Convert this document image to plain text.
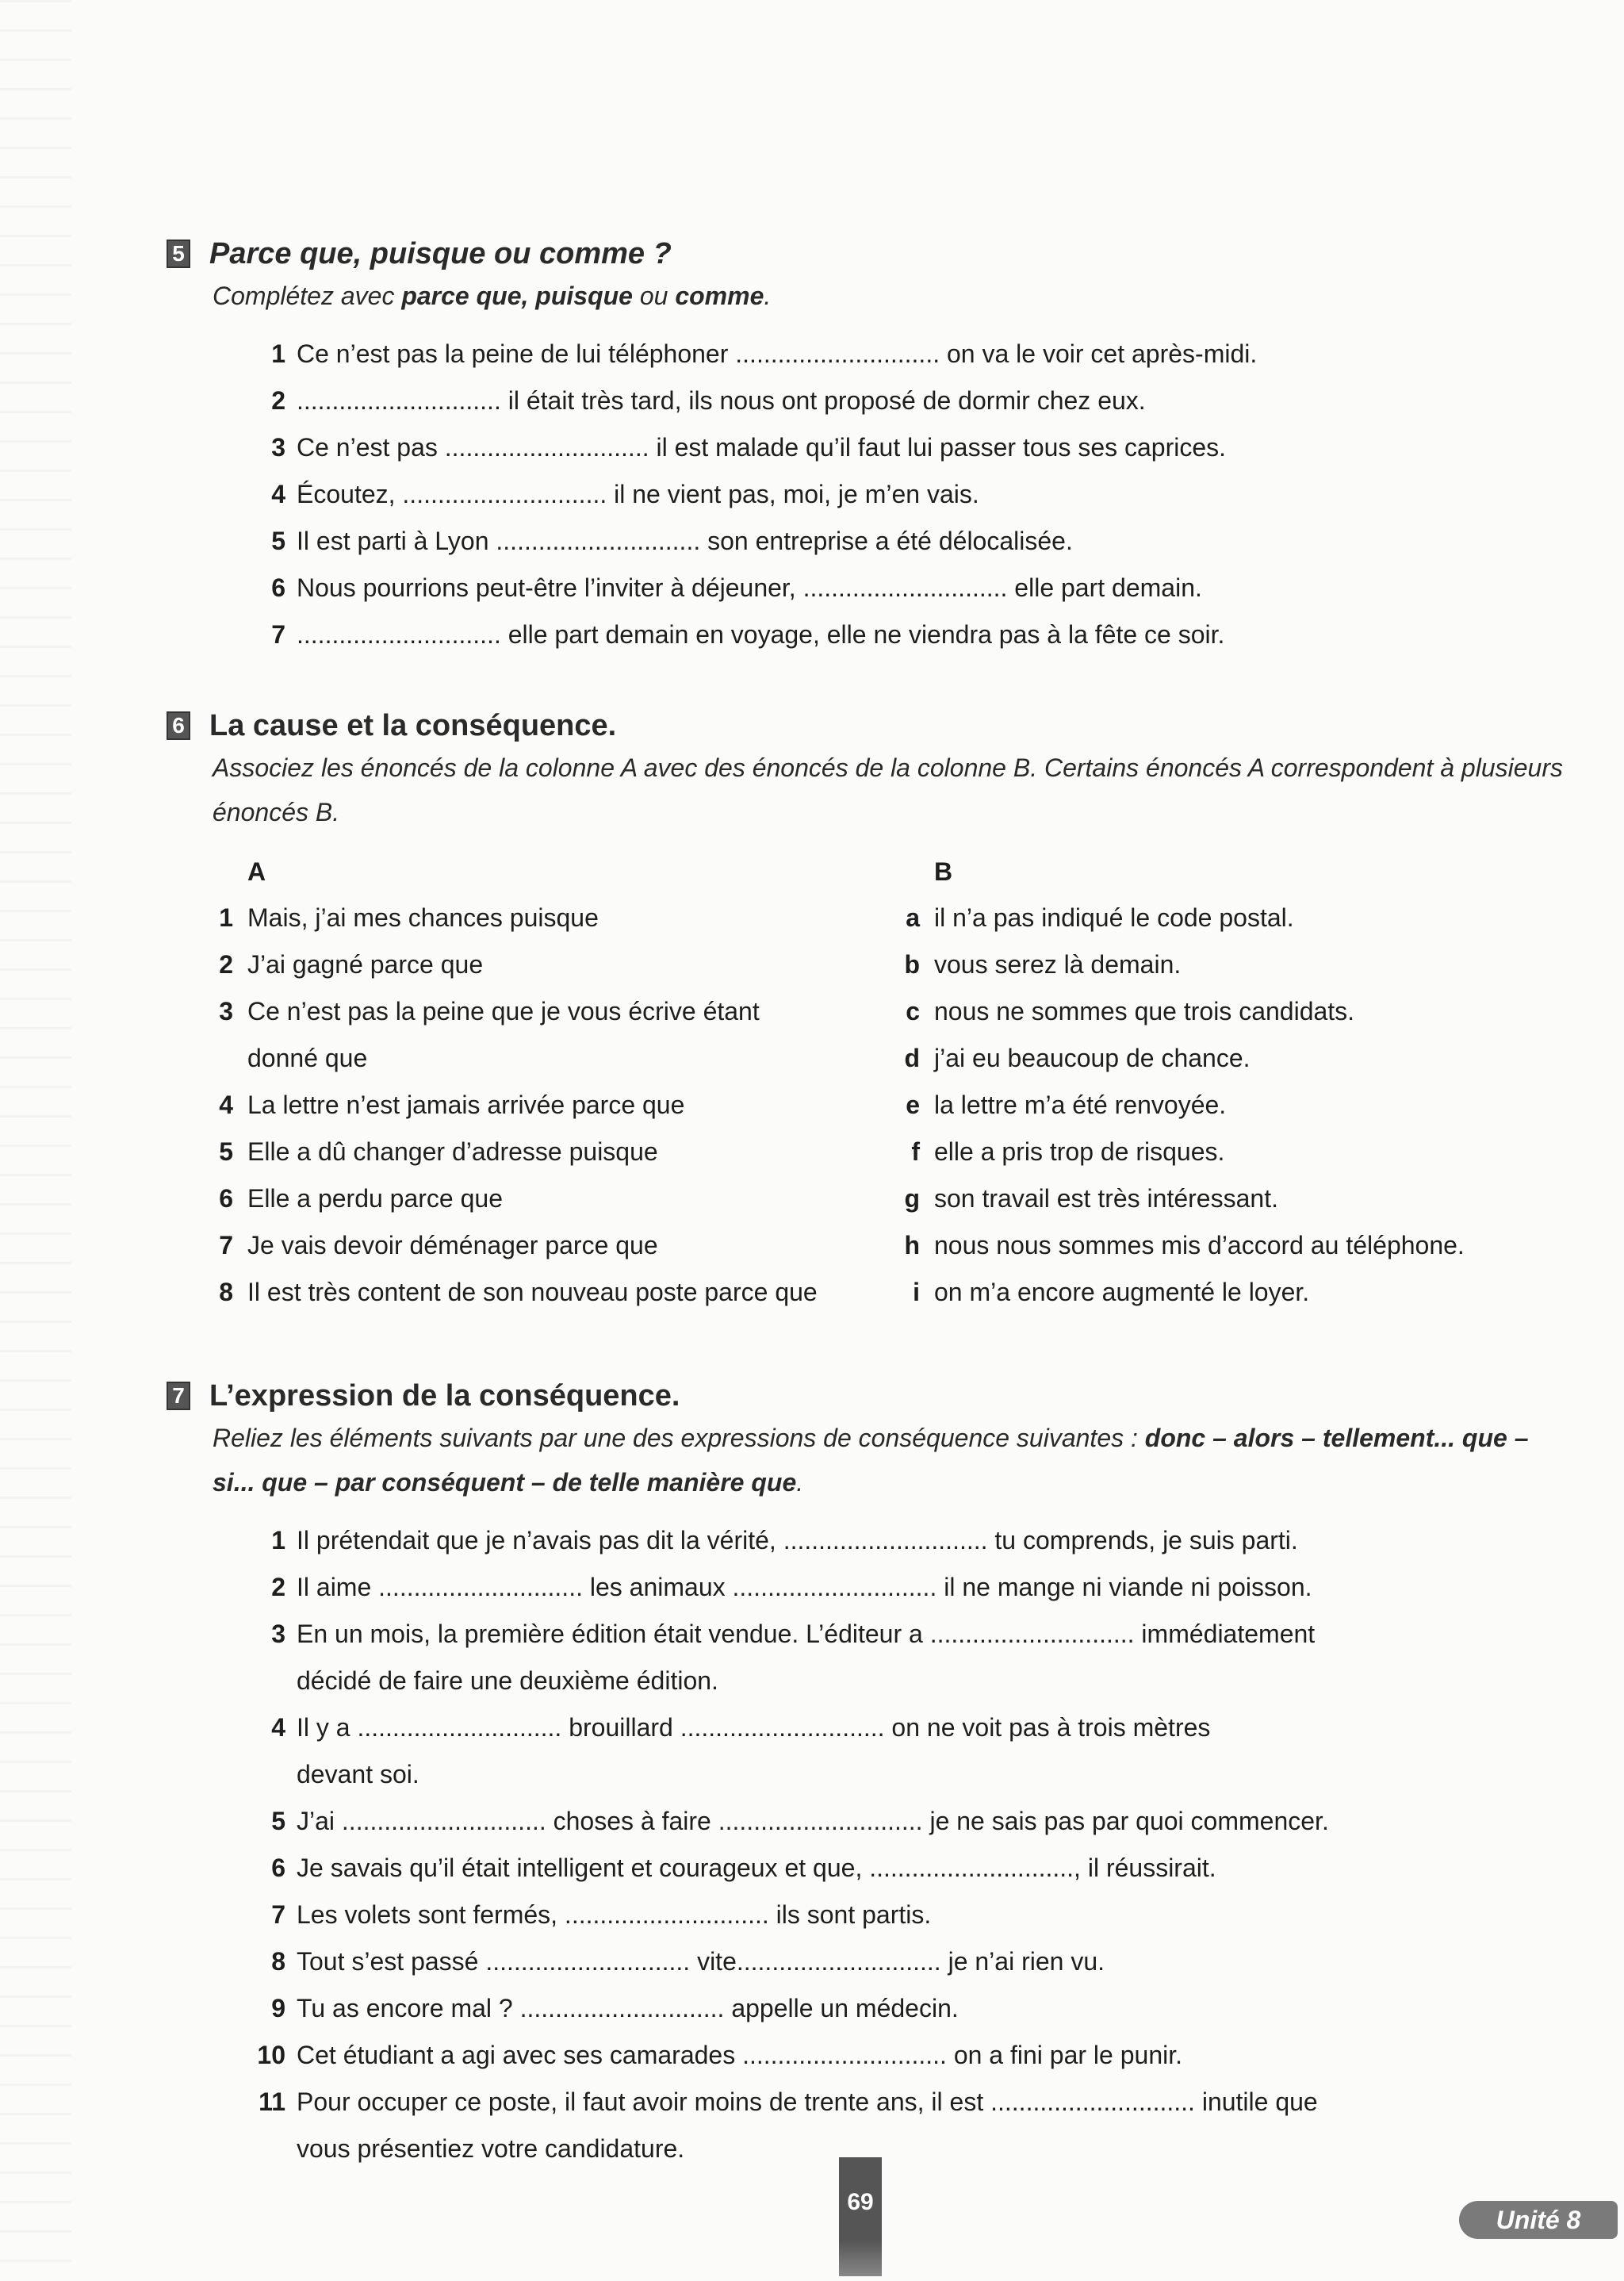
5 Parce que, puisque ou comme ?
Complétez avec parce que, puisque ou comme.
1 Ce n’est pas la peine de lui téléphoner ............................. on va le voir cet après-midi.
2 ............................. il était très tard, ils nous ont proposé de dormir chez eux.
3 Ce n’est pas ............................. il est malade qu’il faut lui passer tous ses caprices.
4 Écoutez, ............................. il ne vient pas, moi, je m’en vais.
5 Il est parti à Lyon ............................. son entreprise a été délocalisée.
6 Nous pourrions peut-être l’inviter à déjeuner, ............................. elle part demain.
7 ............................. elle part demain en voyage, elle ne viendra pas à la fête ce soir.
6 La cause et la conséquence.
Associez les énoncés de la colonne A avec des énoncés de la colonne B. Certains énoncés A correspondent à plusieurs énoncés B.
A
1 Mais, j’ai mes chances puisque
2 J’ai gagné parce que
3 Ce n’est pas la peine que je vous écrive étant
donné que
4 La lettre n’est jamais arrivée parce que
5 Elle a dû changer d’adresse puisque
6 Elle a perdu parce que
7 Je vais devoir déménager parce que
8 Il est très content de son nouveau poste parce que
B
a il n’a pas indiqué le code postal.
b vous serez là demain.
c nous ne sommes que trois candidats.
d j’ai eu beaucoup de chance.
e la lettre m’a été renvoyée.
f elle a pris trop de risques.
g son travail est très intéressant.
h nous nous sommes mis d’accord au téléphone.
i on m’a encore augmenté le loyer.
7 L’expression de la conséquence.
Reliez les éléments suivants par une des expressions de conséquence suivantes : donc – alors – tellement... que – si... que – par conséquent – de telle manière que.
1 Il prétendait que je n’avais pas dit la vérité, ............................. tu comprends, je suis parti.
2 Il aime ............................. les animaux ............................. il ne mange ni viande ni poisson.
3 En un mois, la première édition était vendue. L’éditeur a ............................. immédiatement
décidé de faire une deuxième édition.
4 Il y a ............................. brouillard ............................. on ne voit pas à trois mètres
devant soi.
5 J’ai ............................. choses à faire ............................. je ne sais pas par quoi commencer.
6 Je savais qu’il était intelligent et courageux et que, ............................., il réussirait.
7 Les volets sont fermés, ............................. ils sont partis.
8 Tout s’est passé ............................. vite............................. je n’ai rien vu.
9 Tu as encore mal ? ............................. appelle un médecin.
10 Cet étudiant a agi avec ses camarades ............................. on a fini par le punir.
11 Pour occuper ce poste, il faut avoir moins de trente ans, il est ............................. inutile que
vous présentiez votre candidature.
69
Unité 8
